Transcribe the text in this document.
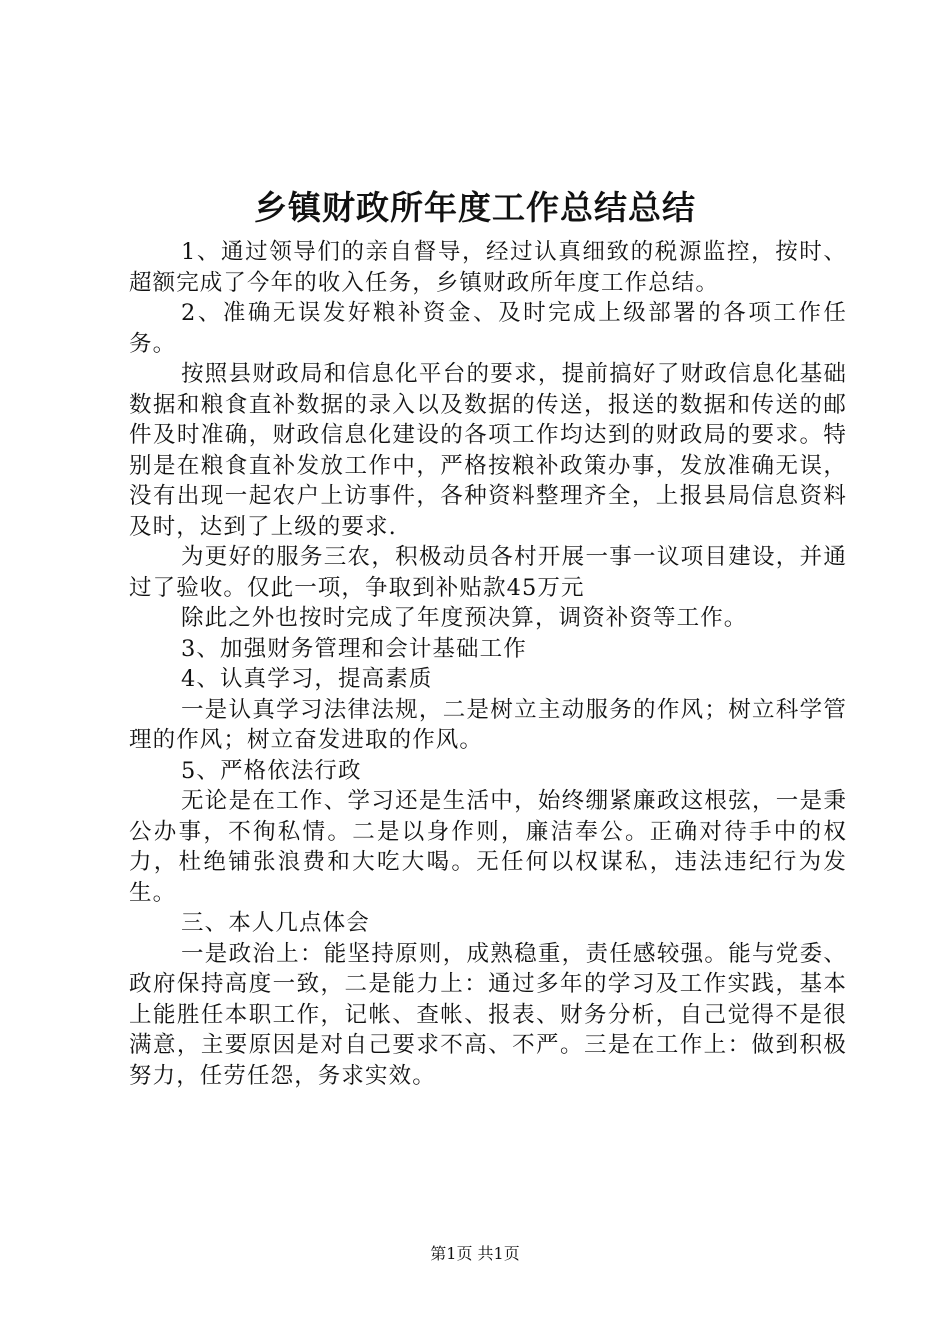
乡镇财政所年度工作总结总结

1、通过领导们的亲自督导，经过认真细致的税源监控，按时、超额完成了今年的收入任务，乡镇财政所年度工作总结。

2、准确无误发好粮补资金、及时完成上级部署的各项工作任务。

按照县财政局和信息化平台的要求，提前搞好了财政信息化基础数据和粮食直补数据的录入以及数据的传送，报送的数据和传送的邮件及时准确，财政信息化建设的各项工作均达到的财政局的要求。特别是在粮食直补发放工作中，严格按粮补政策办事，发放准确无误，没有出现一起农户上访事件，各种资料整理齐全，上报县局信息资料及时，达到了上级的要求.

为更好的服务三农，积极动员各村开展一事一议项目建设，并通过了验收。仅此一项，争取到补贴款45万元

除此之外也按时完成了年度预决算，调资补资等工作。

3、加强财务管理和会计基础工作

4、认真学习，提高素质

一是认真学习法律法规，二是树立主动服务的作风；树立科学管理的作风；树立奋发进取的作风。

5、严格依法行政

无论是在工作、学习还是生活中，始终绷紧廉政这根弦，一是秉公办事，不徇私情。二是以身作则，廉洁奉公。正确对待手中的权力，杜绝铺张浪费和大吃大喝。无任何以权谋私，违法违纪行为发生。

三、本人几点体会

一是政治上：能坚持原则，成熟稳重，责任感较强。能与党委、政府保持高度一致，二是能力上：通过多年的学习及工作实践，基本上能胜任本职工作，记帐、查帐、报表、财务分析，自己觉得不是很满意，主要原因是对自己要求不高、不严。三是在工作上：做到积极努力，任劳任怨，务求实效。

第1页 共1页
